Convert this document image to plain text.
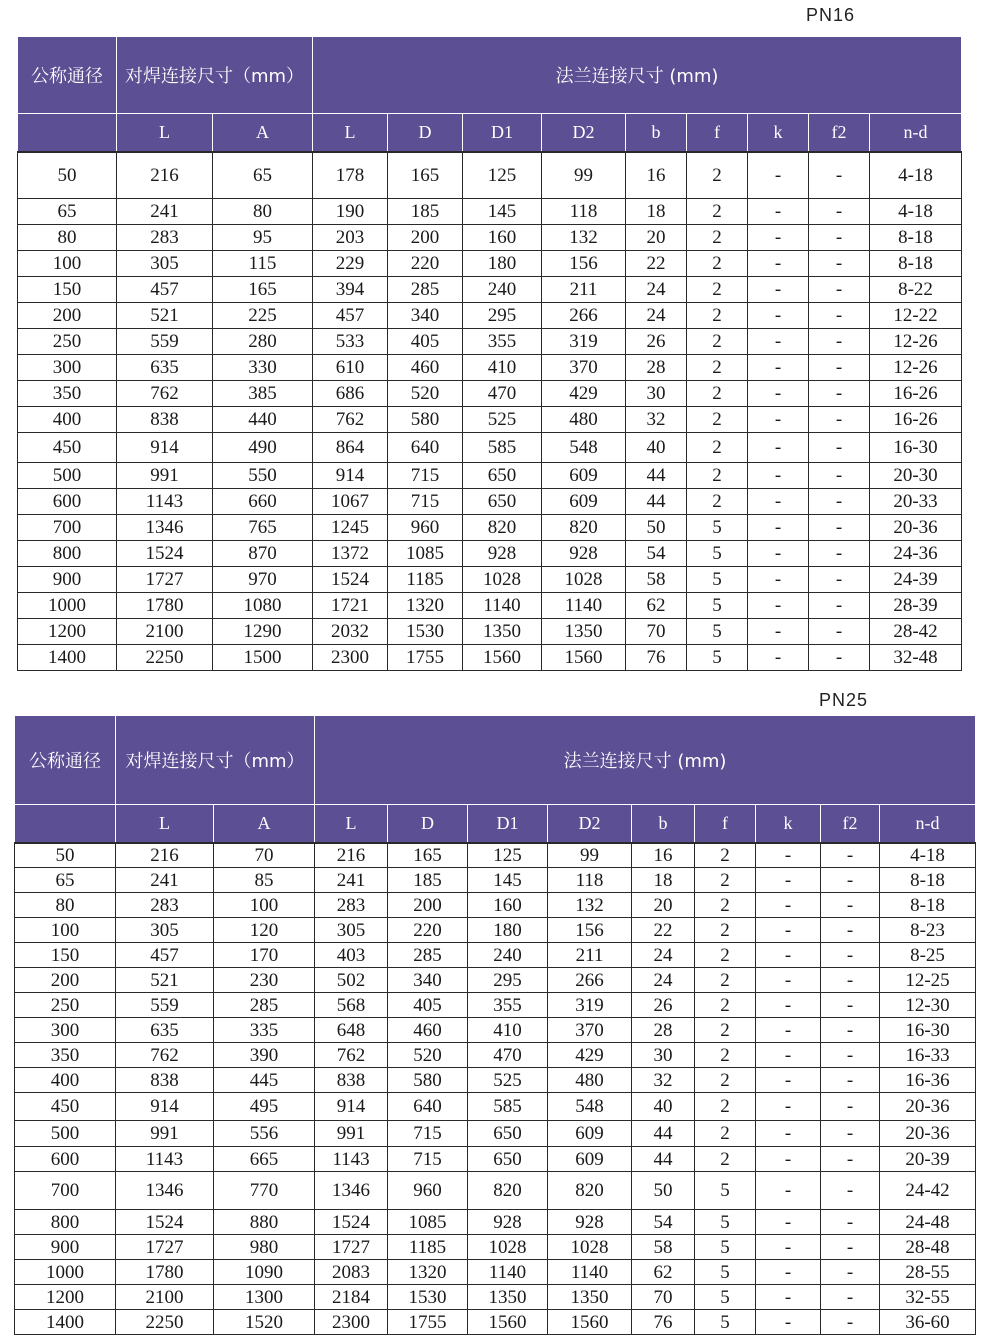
PN16
公称通径	对焊连接尺寸（mm）		法兰连接尺寸 (mm)								
	L	A	L	D	D1	D2	b	f	k	f2	n-d
50	216	65	178	165	125	99	16	2	-	-	4-18
65	241	80	190	185	145	118	18	2	-	-	4-18
80	283	95	203	200	160	132	20	2	-	-	8-18
100	305	115	229	220	180	156	22	2	-	-	8-18
150	457	165	394	285	240	211	24	2	-	-	8-22
200	521	225	457	340	295	266	24	2	-	-	12-22
250	559	280	533	405	355	319	26	2	-	-	12-26
300	635	330	610	460	410	370	28	2	-	-	12-26
350	762	385	686	520	470	429	30	2	-	-	16-26
400	838	440	762	580	525	480	32	2	-	-	16-26
450	914	490	864	640	585	548	40	2	-	-	16-30
500	991	550	914	715	650	609	44	2	-	-	20-30
600	1143	660	1067	715	650	609	44	2	-	-	20-33
700	1346	765	1245	960	820	820	50	5	-	-	20-36
800	1524	870	1372	1085	928	928	54	5	-	-	24-36
900	1727	970	1524	1185	1028	1028	58	5	-	-	24-39
1000	1780	1080	1721	1320	1140	1140	62	5	-	-	28-39
1200	2100	1290	2032	1530	1350	1350	70	5	-	-	28-42
1400	2250	1500	2300	1755	1560	1560	76	5	-	-	32-48
PN25
公称通径	对焊连接尺寸（mm）		法兰连接尺寸 (mm)								
	L	A	L	D	D1	D2	b	f	k	f2	n-d
50	216	70	216	165	125	99	16	2	-	-	4-18
65	241	85	241	185	145	118	18	2	-	-	8-18
80	283	100	283	200	160	132	20	2	-	-	8-18
100	305	120	305	220	180	156	22	2	-	-	8-23
150	457	170	403	285	240	211	24	2	-	-	8-25
200	521	230	502	340	295	266	24	2	-	-	12-25
250	559	285	568	405	355	319	26	2	-	-	12-30
300	635	335	648	460	410	370	28	2	-	-	16-30
350	762	390	762	520	470	429	30	2	-	-	16-33
400	838	445	838	580	525	480	32	2	-	-	16-36
450	914	495	914	640	585	548	40	2	-	-	20-36
500	991	556	991	715	650	609	44	2	-	-	20-36
600	1143	665	1143	715	650	609	44	2	-	-	20-39
700	1346	770	1346	960	820	820	50	5	-	-	24-42
800	1524	880	1524	1085	928	928	54	5	-	-	24-48
900	1727	980	1727	1185	1028	1028	58	5	-	-	28-48
1000	1780	1090	2083	1320	1140	1140	62	5	-	-	28-55
1200	2100	1300	2184	1530	1350	1350	70	5	-	-	32-55
1400	2250	1520	2300	1755	1560	1560	76	5	-	-	36-60
